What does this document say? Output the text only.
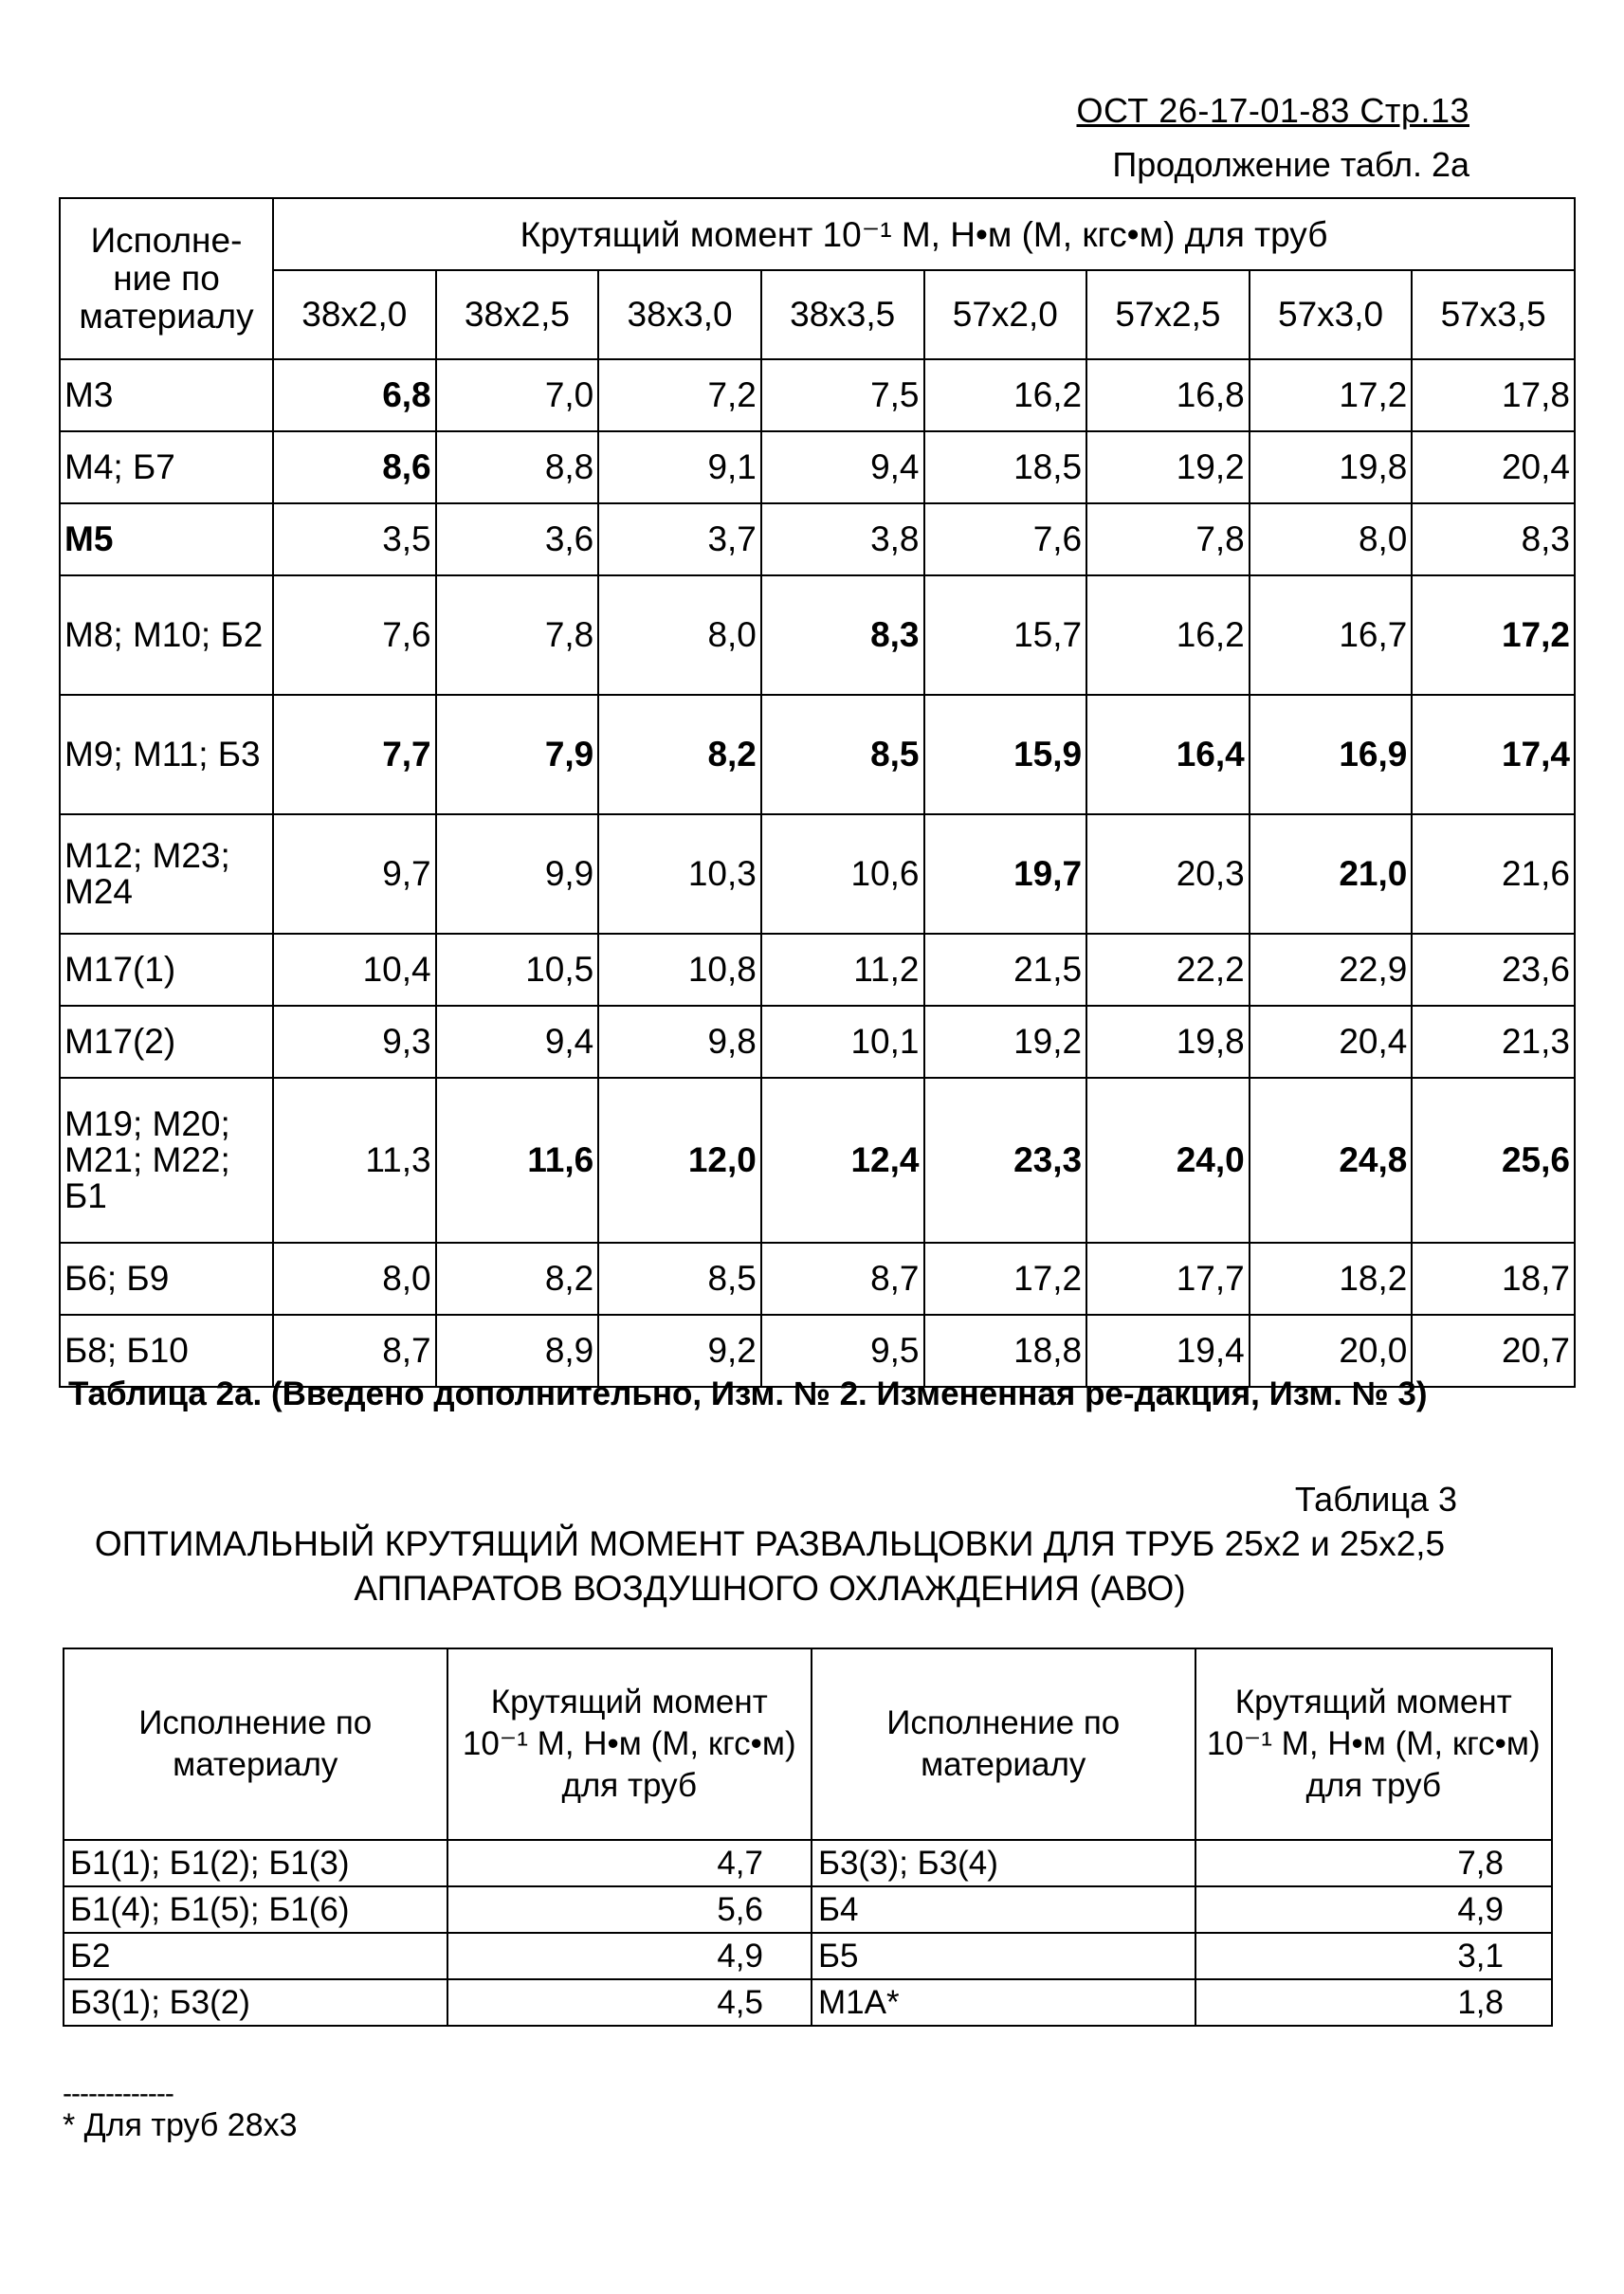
ОСТ 26-17-01-83 Стр.13
Продолжение табл. 2а
Исполне-ние по материалу	Крутящий момент 10⁻¹ М, Н•м (М, кгс•м) для труб							
	38x2,0	38x2,5	38x3,0	38x3,5	57x2,0	57x2,5	57x3,0	57x3,5
М3	6,8	7,0	7,2	7,5	16,2	16,8	17,2	17,8
М4; Б7	8,6	8,8	9,1	9,4	18,5	19,2	19,8	20,4
М5	3,5	3,6	3,7	3,8	7,6	7,8	8,0	8,3
М8; М10; Б2	7,6	7,8	8,0	8,3	15,7	16,2	16,7	17,2
М9; М11; Б3	7,7	7,9	8,2	8,5	15,9	16,4	16,9	17,4
М12; М23; М24	9,7	9,9	10,3	10,6	19,7	20,3	21,0	21,6
М17(1)	10,4	10,5	10,8	11,2	21,5	22,2	22,9	23,6
М17(2)	9,3	9,4	9,8	10,1	19,2	19,8	20,4	21,3
М19; М20; М21; М22; Б1	11,3	11,6	12,0	12,4	23,3	24,0	24,8	25,6
Б6; Б9	8,0	8,2	8,5	8,7	17,2	17,7	18,2	18,7
Б8; Б10	8,7	8,9	9,2	9,5	18,8	19,4	20,0	20,7
Таблица 2а. (Введено дополнительно, Изм. № 2. Измененная ре-дакция, Изм. № 3)
Таблица 3
ОПТИМАЛЬНЫЙ КРУТЯЩИЙ МОМЕНТ РАЗВАЛЬЦОВКИ ДЛЯ ТРУБ 25х2 и 25х2,5 АППАРАТОВ ВОЗДУШНОГО ОХЛАЖДЕНИЯ (АВО)
Исполнение по материалу	Крутящий момент 10⁻¹ М, Н•м (М, кгс•м) для труб	Исполнение по материалу	Крутящий момент 10⁻¹ М, Н•м (М, кгс•м) для труб
Б1(1); Б1(2); Б1(3)	4,7	Б3(3); Б3(4)	7,8
Б1(4); Б1(5); Б1(6)	5,6	Б4	4,9
Б2	4,9	Б5	3,1
Б3(1); Б3(2)	4,5	М1А*	1,8
-------------
* Для труб 28х3
